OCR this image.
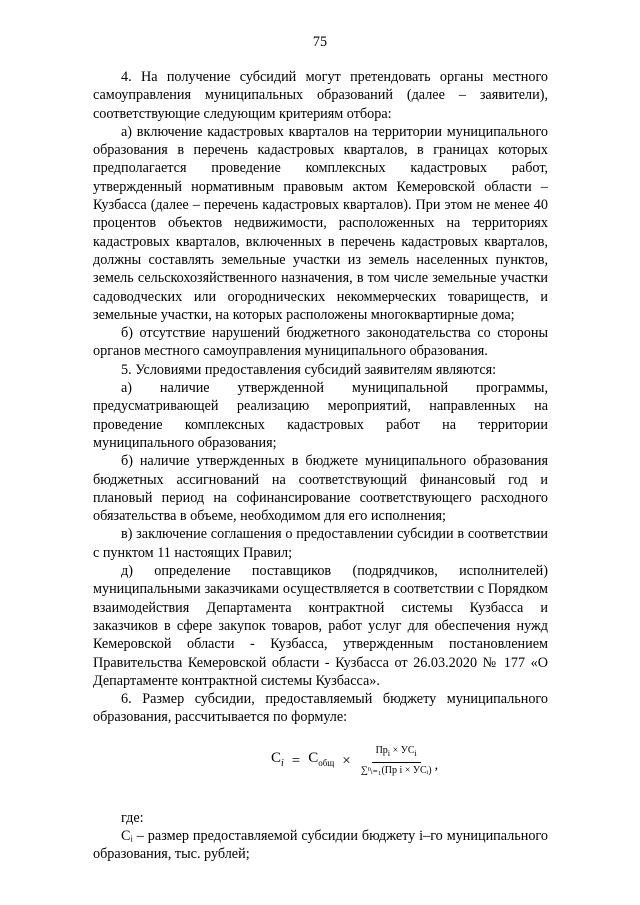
75

4. На получение субсидий могут претендовать органы местного самоуправления муниципальных образований (далее – заявители), соответствующие следующим критериям отбора:

а) включение кадастровых кварталов на территории муниципального образования в перечень кадастровых кварталов, в границах которых предполагается проведение комплексных кадастровых работ, утвержденный нормативным правовым актом Кемеровской области – Кузбасса (далее – перечень кадастровых кварталов). При этом не менее 40 процентов объектов недвижимости, расположенных на территориях кадастровых кварталов, включенных в перечень кадастровых кварталов, должны составлять земельные участки из земель населенных пунктов, земель сельскохозяйственного назначения, в том числе земельные участки садоводческих или огороднических некоммерческих товариществ, и земельные участки, на которых расположены многоквартирные дома;

б) отсутствие нарушений бюджетного законодательства со стороны органов местного самоуправления муниципального образования.

5. Условиями предоставления субсидий заявителям являются:

а) наличие утвержденной муниципальной программы, предусматривающей реализацию мероприятий, направленных на проведение комплексных кадастровых работ на территории муниципального образования;

б) наличие утвержденных в бюджете муниципального образования бюджетных ассигнований на соответствующий финансовый год и плановый период на софинансирование соответствующего расходного обязательства в объеме, необходимом для его исполнения;

в) заключение соглашения о предоставлении субсидии в соответствии с пунктом 11 настоящих Правил;

д) определение поставщиков (подрядчиков, исполнителей) муниципальными заказчиками осуществляется в соответствии с Порядком взаимодействия Департамента контрактной системы Кузбасса и заказчиков в сфере закупок товаров, работ услуг для обеспечения нужд Кемеровской области - Кузбасса, утвержденным постановлением Правительства Кемеровской области - Кузбасса от 26.03.2020 № 177 «О Департаменте контрактной системы Кузбасса».

6. Размер субсидии, предоставляемый бюджету муниципального образования, рассчитывается по формуле:

$С_i = С_{общ} \times \frac{Пр_i \times УС_i}{\text{∑ⁿᵢ₌₁(Пр i × УСᵢ)}}$ ,

где:

Сᵢ – размер предоставляемой субсидии бюджету i–го муниципального образования, тыс. рублей;
